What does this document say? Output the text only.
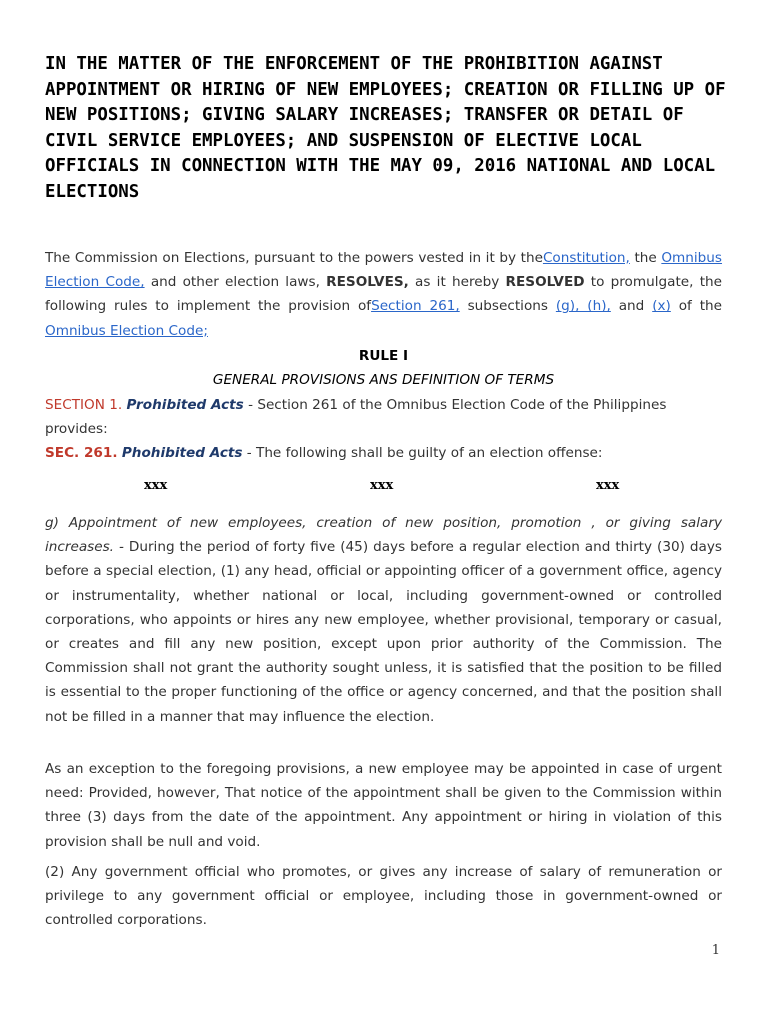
IN THE MATTER OF THE ENFORCEMENT OF THE PROHIBITION AGAINST APPOINTMENT OR HIRING OF NEW EMPLOYEES; CREATION OR FILLING UP OF NEW POSITIONS; GIVING SALARY INCREASES; TRANSFER OR DETAIL OF CIVIL SERVICE EMPLOYEES; AND SUSPENSION OF ELECTIVE LOCAL OFFICIALS IN CONNECTION WITH THE MAY 09, 2016 NATIONAL AND LOCAL ELECTIONS
The Commission on Elections, pursuant to the powers vested in it by theConstitution, the Omnibus Election Code, and other election laws, RESOLVES, as it hereby RESOLVED to promulgate, the following rules to implement the provision ofSection 261, subsections (g), (h), and (x) of the Omnibus Election Code;
RULE I
GENERAL PROVISIONS ANS DEFINITION OF TERMS
SECTION 1. Prohibited Acts - Section 261 of the Omnibus Election Code of the Philippines provides:
SEC. 261. Phohibited Acts - The following shall be guilty of an election offense:
xxx	xxx	xxx
g) Appointment of new employees, creation of new position, promotion , or giving salary increases. - During the period of forty five (45) days before a regular election and thirty (30) days before a special election, (1) any head, official or appointing officer of a government office, agency or instrumentality, whether national or local, including government-owned or controlled corporations, who appoints or hires any new employee, whether provisional, temporary or casual, or creates and fill any new position, except upon prior authority of the Commission. The Commission shall not grant the authority sought unless, it is satisfied that the position to be filled is essential to the proper functioning of the office or agency concerned, and that the position shall not be filled in a manner that may influence the election.
As an exception to the foregoing provisions, a new employee may be appointed in case of urgent need: Provided, however, That notice of the appointment shall be given to the Commission within three (3) days from the date of the appointment. Any appointment or hiring in violation of this provision shall be null and void.
(2) Any government official who promotes, or gives any increase of salary of remuneration or privilege to any government official or employee, including those in government-owned or controlled corporations.
1
